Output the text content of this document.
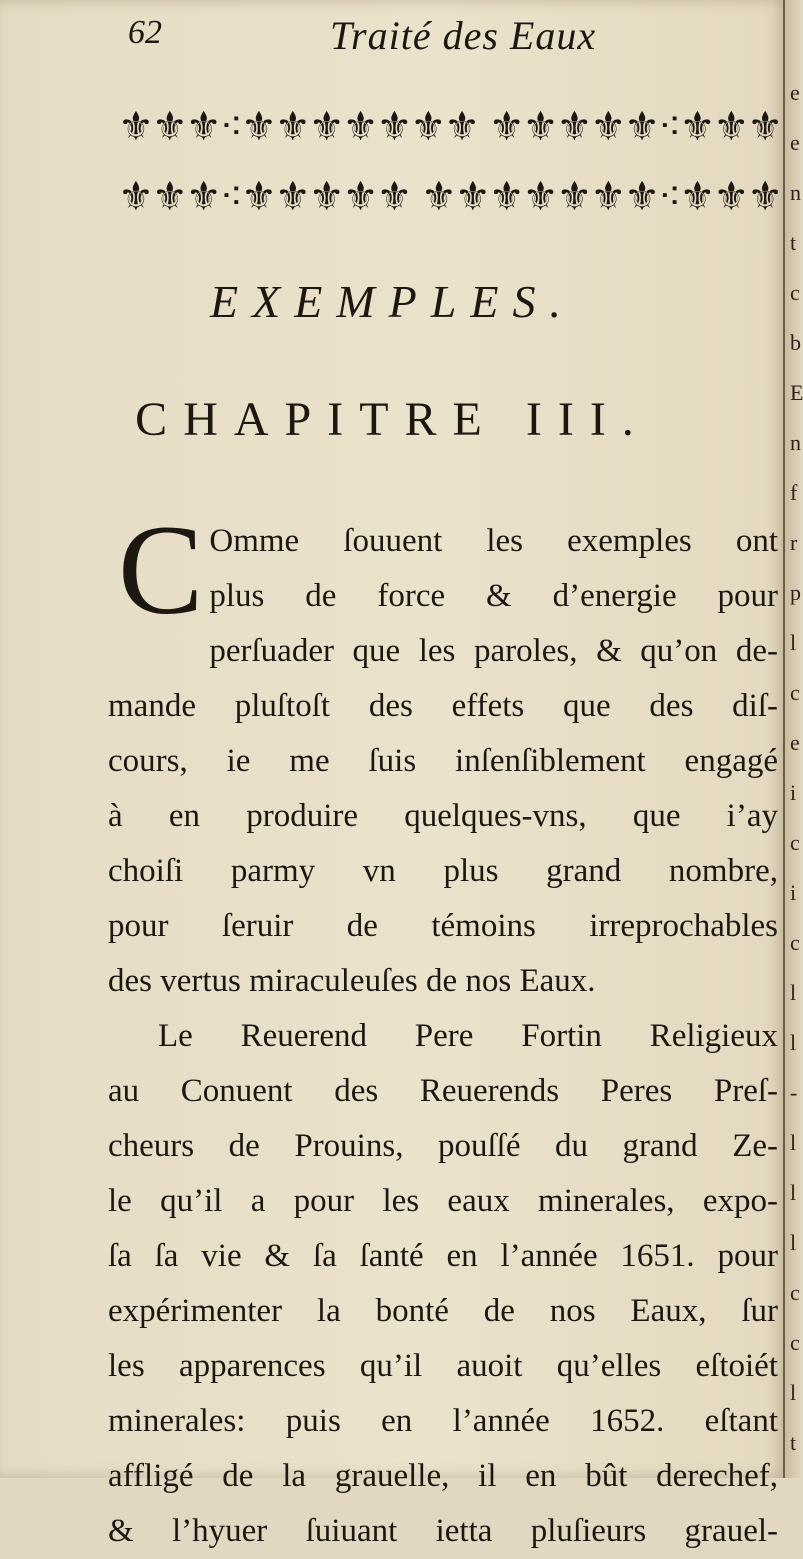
62	Traité des Eaux
⚜⚜⚜⁖⚜⚜⚜⚜⚜⚜⚜ ⚜⚜⚜⚜⚜⁖⚜⚜⚜
⚜⚜⚜⁖⚜⚜⚜⚜⚜ ⚜⚜⚜⚜⚜⚜⚜⁖⚜⚜⚜
EXEMPLES.
CHAPITRE III.
C Omme ſouuent les exemples ont
plus de force & d’energie pour
perſuader que les paroles, & qu’on de-
mande pluſtoſt des effets que des diſ-
cours, ie me ſuis inſenſiblement engagé
à en produire quelques-vns, que i’ay
choiſi parmy vn plus grand nombre,
pour ſeruir de témoins irreprochables
des vertus miraculeuſes de nos Eaux.
Le Reuerend Pere Fortin Religieux
au Conuent des Reuerends Peres Preſ-
cheurs de Prouins, pouſſé du grand Ze-
le qu’il a pour les eaux minerales, expo-
ſa ſa vie & ſa ſanté en l’année 1651. pour
expérimenter la bonté de nos Eaux, ſur
les apparences qu’il auoit qu’elles eſtoiét
minerales: puis en l’année 1652. eſtant
affligé de la grauelle, il en bût derechef,
& l’hyuer ſuiuant ietta pluſieurs grauel-
e
e
n
t
c
b
E
n
f
r
p
l
c
e
i
c
i
c
l
l
-
l
l
l
c
c
l
t
